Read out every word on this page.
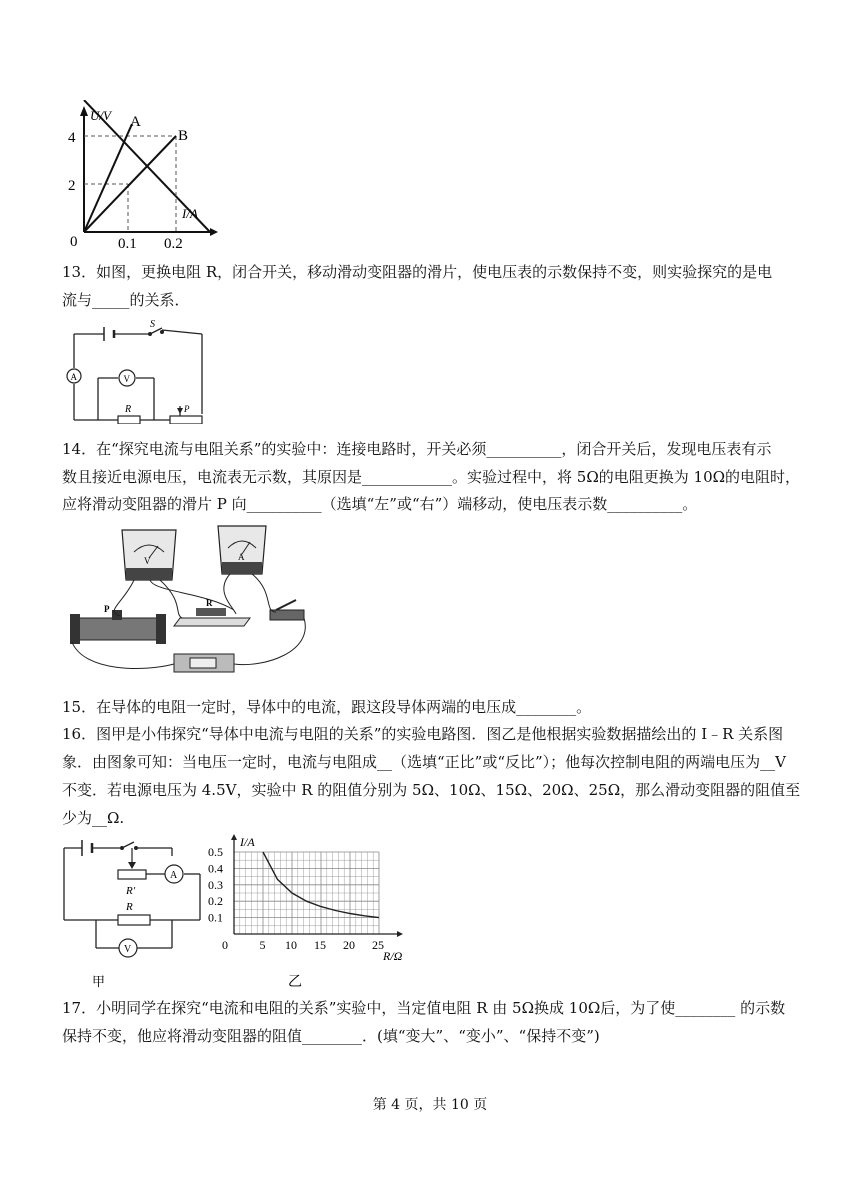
U/V
I/A
A
B
4
2
0	0.1 0.2
13．如图，更换电阻 R，闭合开关，移动滑动变阻器的滑片，使电压表的示数保持不变，则实验探究的是电
流与_____的关系．
S
A	V
R	P
14．在“探究电流与电阻关系”的实验中：连接电路时，开关必须__________，闭合开关后，发现电压表有示
数且接近电源电压，电流表无示数，其原因是____________。实验过程中，将 5Ω的电阻更换为 10Ω的电阻时，
应将滑动变阻器的滑片 P 向__________（选填“左”或“右”）端移动，使电压表示数__________。
V	A
P
R
15．在导体的电阻一定时，导体中的电流，跟这段导体两端的电压成________。
16．图甲是小伟探究“导体中电流与电阻的关系”的实验电路图．图乙是他根据实验数据描绘出的 I﹣R 关系图
象．由图象可知：当电压一定时，电流与电阻成__（选填“正比”或“反比”）；他每次控制电阻的两端电压为__V
不变．若电源电压为 4.5V，实验中 R 的阻值分别为 5Ω、10Ω、15Ω、20Ω、25Ω，那么滑动变阻器的阻值至
少为__Ω.
R′
A
R
V
甲
5 10 15 20 25
0.1
0.2
0.3
0.4
0.5
0
I/A
R/Ω
乙
17．小明同学在探究“电流和电阻的关系”实验中，当定值电阻 R 由 5Ω换成 10Ω后，为了使________ 的示数
保持不变，他应将滑动变阻器的阻值________．(填“变大”、“变小”、“保持不变”)
第 4 页，共 10 页
